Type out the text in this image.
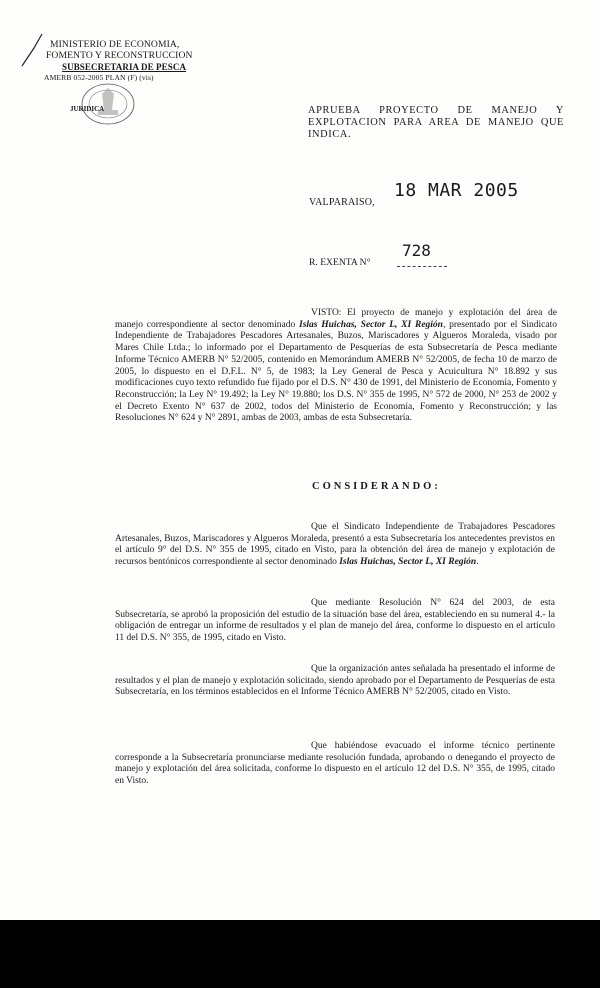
MINISTERIO DE ECONOMIA,
FOMENTO Y RECONSTRUCCION
SUBSECRETARIA DE PESCA
AMERB 052-2005 PLAN (F) (vis)
JURIDICA	APRUEBA PROYECTO DE MANEJO Y EXPLOTACION PARA AREA DE MANEJO QUE INDICA.
VALPARAISO,
18 MAR 2005
R. EXENTA N°
728
VISTO: El proyecto de manejo y explotación del área de manejo correspondiente al sector denominado Islas Huichas, Sector L, XI Región, presentado por el Sindicato Independiente de Trabajadores Pescadores Artesanales, Buzos, Mariscadores y Algueros Moraleda, visado por Mares Chile Ltda.; lo informado por el Departamento de Pesquerías de esta Subsecretaría de Pesca mediante Informe Técnico AMERB N° 52/2005, contenido en Memorándum AMERB N° 52/2005, de fecha 10 de marzo de 2005, lo dispuesto en el D.F.L. N° 5, de 1983; la Ley General de Pesca y Acuicultura N° 18.892 y sus modificaciones cuyo texto refundido fue fijado por el D.S. N° 430 de 1991, del Ministerio de Economía, Fomento y Reconstrucción; la Ley N° 19.492; la Ley N° 19.880; los D.S. N° 355 de 1995, N° 572 de 2000, N° 253 de 2002 y el Decreto Exento N° 637 de 2002, todos del Ministerio de Economía, Fomento y Reconstrucción; y las Resoluciones N° 624 y N° 2891, ambas de 2003, ambas de esta Subsecretaría.
CONSIDERANDO:
Que el Sindicato Independiente de Trabajadores Pescadores Artesanales, Buzos, Mariscadores y Algueros Moraleda, presentó a esta Subsecretaría los antecedentes previstos en el artículo 9° del D.S. N° 355 de 1995, citado en Visto, para la obtención del área de manejo y explotación de recursos bentónicos correspondiente al sector denominado Islas Huichas, Sector L, XI Región.
Que mediante Resolución N° 624 del 2003, de esta Subsecretaría, se aprobó la proposición del estudio de la situación base del área, estableciendo en su numeral 4.- la obligación de entregar un informe de resultados y el plan de manejo del área, conforme lo dispuesto en el artículo 11 del D.S. N° 355, de 1995, citado en Visto.
Que la organización antes señalada ha presentado el informe de resultados y el plan de manejo y explotación solicitado, siendo aprobado por el Departamento de Pesquerías de esta Subsecretaría, en los términos establecidos en el Informe Técnico AMERB N° 52/2005, citado en Visto.
Que habiéndose evacuado el informe técnico pertinente corresponde a la Subsecretaría pronunciarse mediante resolución fundada, aprobando o denegando el proyecto de manejo y explotación del área solicitada, conforme lo dispuesto en el artículo 12 del D.S. N° 355, de 1995, citado en Visto.
